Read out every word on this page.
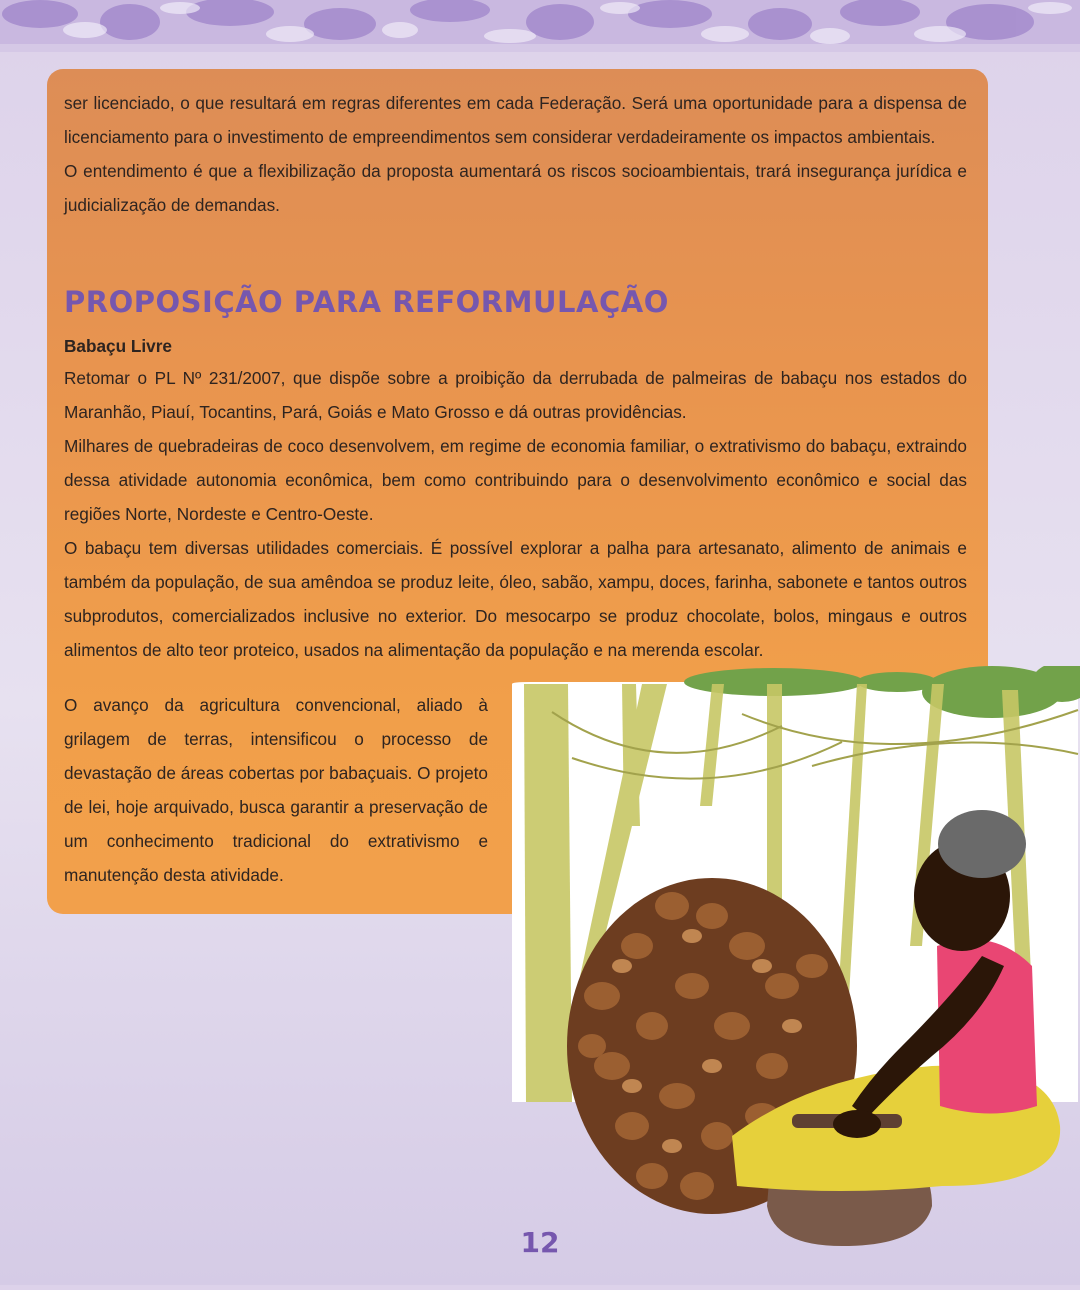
ser licenciado, o que resultará em regras diferentes em cada Federação. Será uma oportunidade para a dispensa de licenciamento para o investimento de empreendimentos sem considerar verdadeiramente os impactos ambientais.

O entendimento é que a flexibilização da proposta aumentará os riscos socioambientais, trará insegurança jurídica e judicialização de demandas.

PROPOSIÇÃO PARA REFORMULAÇÃO

Babaçu Livre

Retomar o PL Nº 231/2007, que dispõe sobre a proibição da derrubada de palmeiras de babaçu nos estados do Maranhão, Piauí, Tocantins, Pará, Goiás e Mato Grosso e dá outras providências.

Milhares de quebradeiras de coco desenvolvem, em regime de economia familiar, o extrativismo do babaçu, extraindo dessa atividade autonomia econômica, bem como contribuindo para o desenvolvimento econômico e social das regiões Norte, Nordeste e Centro-Oeste.

O babaçu tem diversas utilidades comerciais. É possível explorar a palha para artesanato, alimento de animais e também da população, de sua amêndoa se produz leite, óleo, sabão, xampu, doces, farinha, sabonete e tantos outros subprodutos, comercializados inclusive no exterior. Do mesocarpo se produz chocolate, bolos, mingaus e outros alimentos de alto teor proteico, usados na alimentação da população e na merenda escolar.

O avanço da agricultura convencional, aliado à grilagem de terras, intensificou o processo de devastação de áreas cobertas por babaçuais. O projeto de lei, hoje arquivado, busca garantir a preservação de um conhecimento tradicional do extrativismo e manutenção desta atividade.

12
